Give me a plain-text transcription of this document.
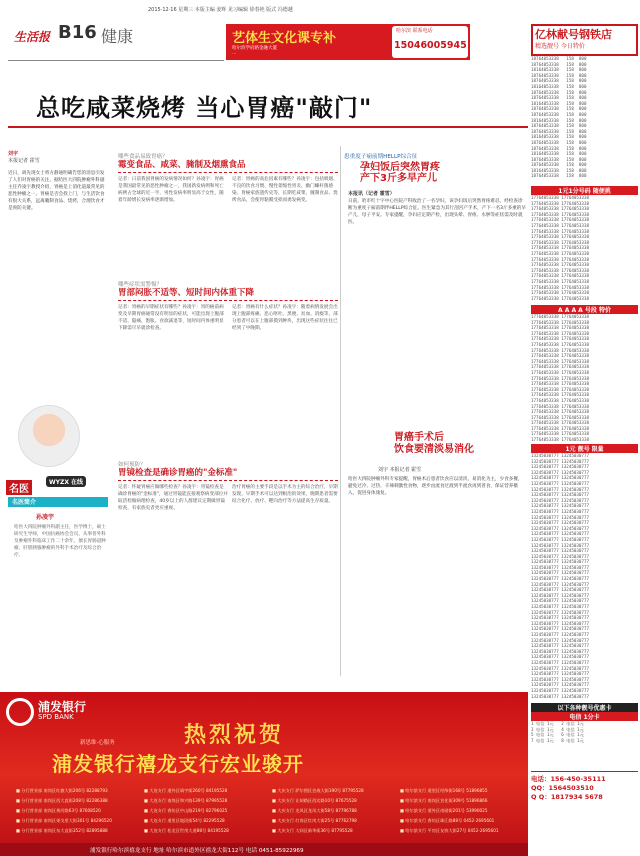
2015·12·16 星期三 本版主编 姜辉 见习编辑 徐春艳 版式 冯德越
生活报 B16 健康	艺体生文化课专补
哈尔滨学府路金融大厦
…
哈尔滨 联系电话
15046005945
总吃咸菜烧烤 当心胃癌"敲门"
刘宇
本报记者 霍雪
近日，胡先现女士将方静通明确告您的消息引发了人们对胃癌的关注。据哈医大四院肿瘤外科副主任乔凌宇教授介绍，胃癌是上消化道最常见的恶性肿瘤之一。胃癌是否会找上门，与生活饮食有很大关系，远离腌制食品、烧烤，合理饮食才是预防关键。
名医
WYZX 在线
名医简介
孙凌宇
哈医大四院肿瘤外科副主任，医学博士，硕士研究生导师，中国抗癌协会会员，从事普外科及肿瘤外科临床工作二十余年，擅长胃肠道肿瘤、肝胆胰腺肿瘤的外科手术治疗及综合治疗。
哪些食品易致胃癌？
霉变食品、咸菜、腌制及烟熏食品
记者：日前我国胃癌的发病情况如何？孙凌宇：胃癌是我国最常见的恶性肿瘤之一，我国新发病例和死亡病例占全球的近一半，男性发病率明显高于女性，随着年龄增长发病率逐渐增加。
记者：胃癌的高危因素有哪些？孙凌宇：包括吸烟、不良的饮食习惯、慢性萎缩性胃炎、幽门螺杆菌感染、胃癌家族遗传史等，长期吃咸菜、腌制食品、烧烤食品，会使胃黏膜受损而诱发癌变。
哪些症状需警惕？
胃部闷胀不适等、短时间内体重下降
记者：胃癌的早期症状有哪些？孙凌宇：胃的癌前病变及早期胃癌通常没有明显的症状，可能出现上腹部不适、隐痛、饱胀、食欲减退等，短时间内体重明显下降需尽早就诊检查。
记者：胃癌有什么症状？孙凌宇：随着病情发展会出现上腹部疼痛、恶心呕吐、黑便、贫血、消瘦等，部分患者可以在上腹部摸到肿块，出现这些症状往往已经到了中晚期。
如何预防？
胃镜检查是确诊胃癌的"金标准"
记者：怀疑胃癌应做哪些检查？孙凌宇：胃镜检查是确诊胃癌的"金标准"，通过胃镜能直接观察病变部位并取活检做病理检查，40岁以上的人群建议定期做胃镜检查，有家族史者更应重视。
治疗胃癌的主要手段是以手术为主的综合治疗，早期发现、早期手术可以达到根治的效果，晚期患者需要结合化疗、放疗、靶向治疗等方法提高生存质量。
患重度子痫前期HELLP综合征
孕妇饭后突然胃疼
产下3斤多早产儿
本报讯（记者 霍雪）
日前，哈市红十字中心医院产科收治了一名孕妇，该孕妇饭后突然胃疼难忍，经检查诊断为重度子痫前期伴HELLP综合征。医生紧急为其行剖宫产手术，产下一名3斤多重的早产儿，母子平安。专家提醒，孕妇应定期产检，出现头晕、胃疼、水肿等症状需及时就医。
胃癌手术后
饮食要清淡易消化
刘宇 本报记者 霍雪
哈医大四院肿瘤外科专家提醒，胃癌术后患者饮食应以清淡、易消化为主，少食多餐，避免过冷、过热、辛辣刺激性食物，逐步由流食过渡到半流食再到普食，保证营养摄入，促进身体康复。
亿林献号钢铁店
精选靓号 今日特价
18764053338   158  800
18764053338   158  800
18164053338   158  800
18764053338   158  800
18764053338   158  800
18164053338   158  800
18764053338   158  800
18764053338   158  800
18164053338   158  800
18764053338   158  800
18764053338   158  800
18164053338   158  800
18764053338   158  800
18764053338   158  800
18164053338   158  800
18764053338   158  800
18764053338   158  800
18164053338   158  800
18764053338   158  800
18764053338   158  800
18164053338   158  800
18764053338   158  800
1元1分号码 随便挑
17764053338 17764053338
17764053338 17764053338
17764053338 17764053338
17764053338 17764053338
17764053338 17764053338
17764053338 17764053338
17764053338 17764053338
17764053338 17764053338
17764053338 17764053338
17764053338 17764053338
17764053338 17764053338
17764053338 17764053338
17764053338 17764053338
17764053338 17764053338
17764053338 17764053338
17764053338 17764053338
17764053338 17764053338
17764053338 17764053338
17764053338 17764053338
A A A A 号段 特价
17764053338 17764053338
17764053338 17764053338
17764053338 17764053338
17764053338 17764053338
17764053338 17764053338
17764053338 17764053338
17764053338 17764053338
17764053338 17764053338
17764053338 17764053338
17764053338 17764053338
17764053338 17764053338
17764053338 17764053338
17764053338 17764053338
17764053338 17764053338
17764053338 17764053338
17764053338 17764053338
17764053338 17764053338
17764053338 17764053338
17764053338 17764053338
17764053338 17764053338
17764053338 17764053338
17764053338 17764053338
17764053338 17764053338
1元 靓号 限量
13245030777 13245030777
13245030777 13245030777
13245030777 13245030777
13245030777 13245030777
13245030777 13245030777
13245030777 13245030777
13245030777 13245030777
13245030777 13245030777
13245030777 13245030777
13245030777 13245030777
13245030777 13245030777
13245030777 13245030777
13245030777 13245030777
13245030777 13245030777
13245030777 13245030777
13245030777 13245030777
13245030777 13245030777
13245030777 13245030777
13245030777 13245030777
13245030777 13245030777
13245030777 13245030777
13245030777 13245030777
13245030777 13245030777
13245030777 13245030777
13245030777 13245030777
13245030777 13245030777
13245030777 13245030777
13245030777 13245030777
13245030777 13245030777
13245030777 13245030777
13245030777 13245030777
13245030777 13245030777
13245030777 13245030777
13245030777 13245030777
13245030777 13245030777
13245030777 13245030777
13245030777 13245030777
13245030777 13245030777
13245030777 13245030777
13245030777 13245030777
13245030777 13245030777
13245030777 13245030777
13245030777 13245030777
13245030777 13245030777
以下各种靓号优惠卡
电信 1分卡
1 电信 1元   2 电信 1元
3 电信 1元   4 电信 1元
5 电信 1元   6 电信 1元
7 电信 1元   8 电信 1元
电话：156-450-35111
QQ：1564503510
Q Q：1817934 5678
浦发银行
SPD BANK
新思维·心服务	热烈祝贺
浦发银行禧龙支行宏业骏开
■ 分行营业部 南岗区红旗大街206号 82288793
■ 分行营业部 南岗区西大直街208号 82286388
■ 分行营业部 南岗区黄河路63号 87608520
■ 分行营业部 南岗区果戈里大街301号 84296520
■ 分行营业部 南岗区东大直街352号 82895888
■ 大连支行 道外区靖宇街260号 84195528
■ 大连支行 南岗区和兴路139号 87995528
■ 大连支行 香坊区中山路219号 82796025
■ 大连支行 道里区地段街54号 82295528
■ 大连支行 松北区世茂大道88号 84195528
■ 大庆支行 萨尔图区会战大街190号 87795528
■ 大庆支行 让胡路区西宾路10号 87675528
■ 大庆支行 龙凤区龙凤大街58号 87796788
■ 大庆支行 红岗区红岗大街25号 87762798
■ 大庆支行 大同区新华街36号 87795528
■ 哈尔滨支行 道里区经纬街168号 51896855
■ 哈尔滨支行 南岗区宣化街309号 51896866
■ 哈尔滨支行 道外区南勋街201号 53990025
■ 哈尔滨支行 香坊区珠江路88号 0452-2695601
■ 哈尔滨支行 平房区友协大街27号 0452-2695601
浦发银行哈尔滨禧龙支行 地址 哈尔滨市道外区禧龙大街112号 电话 0451-85922969
